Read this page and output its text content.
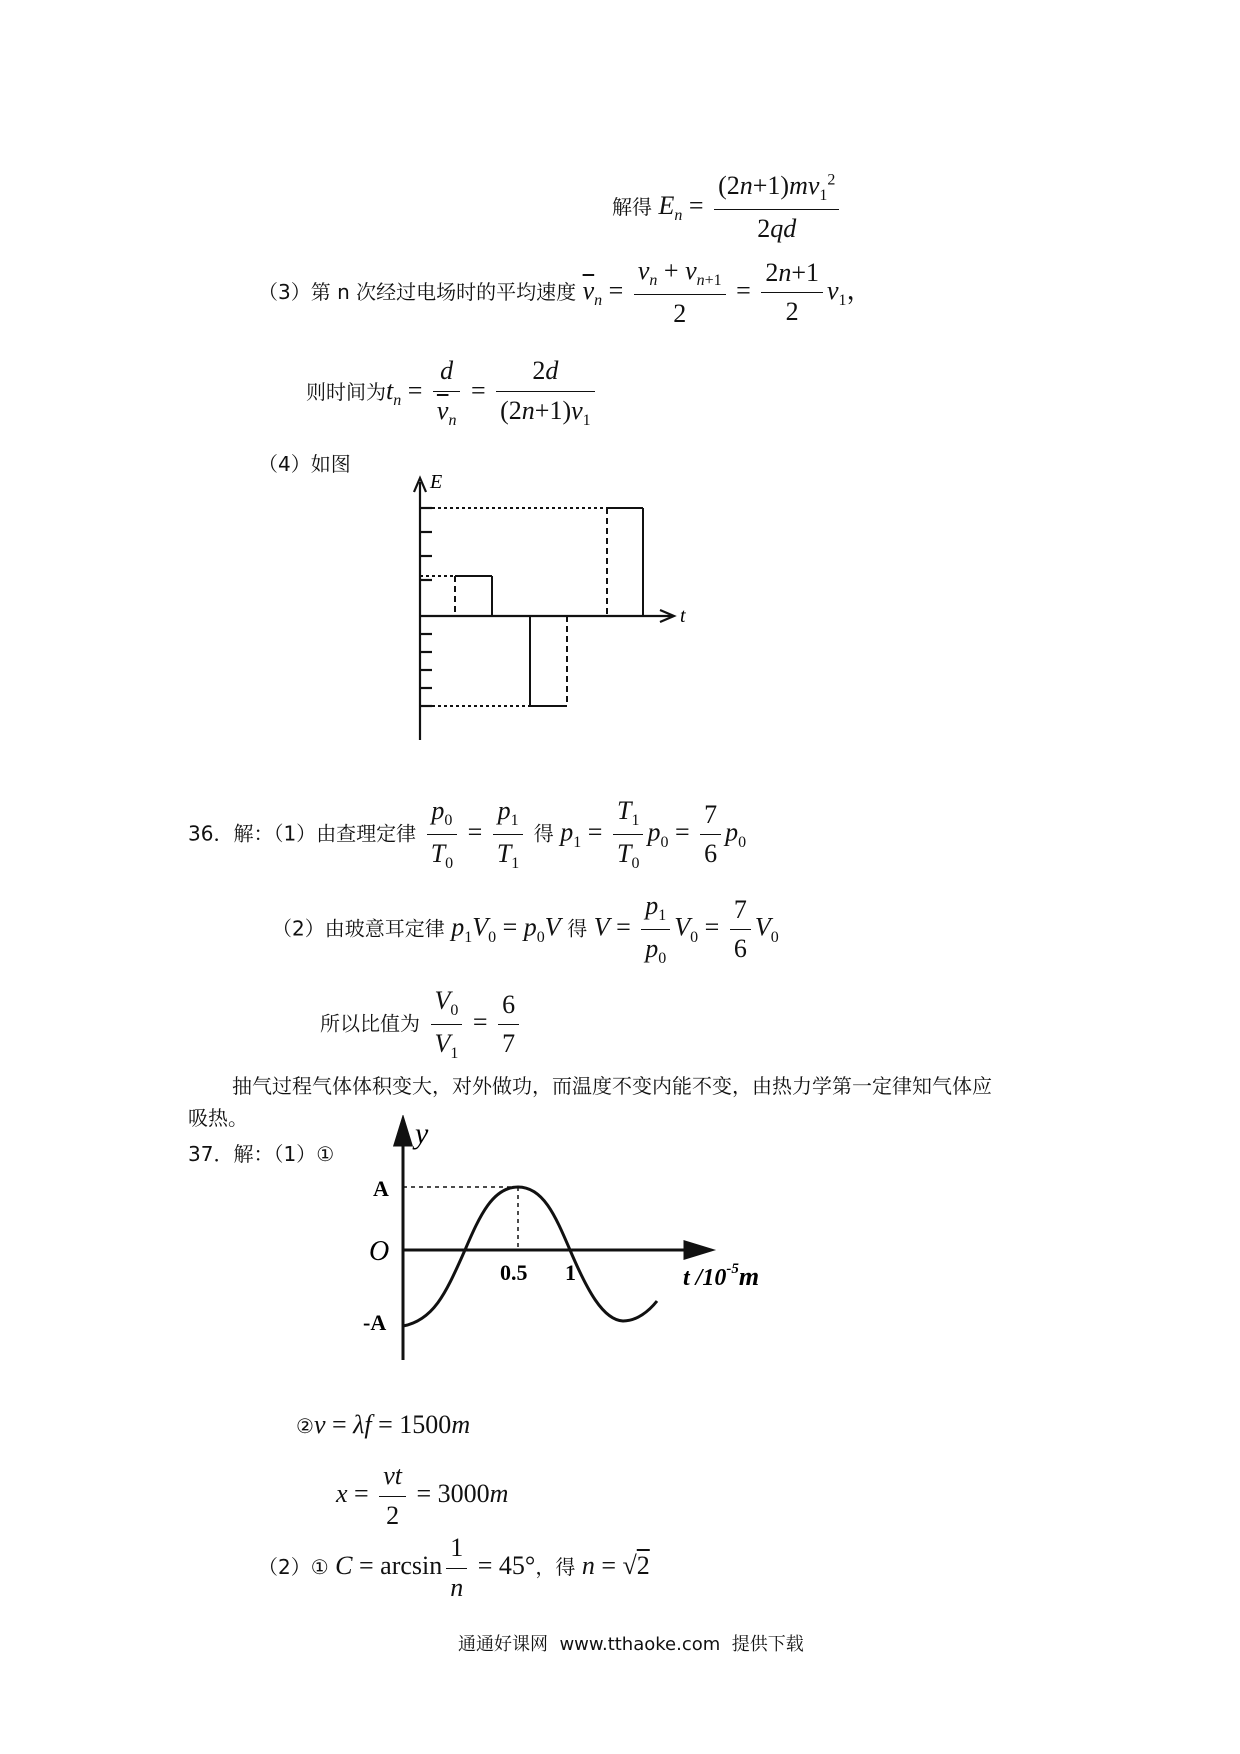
解得 $E_n = \frac{(2n+1)mv_1^2}{2qd}$
（3）第 n 次经过电场时的平均速度 $\overline{v}_n = \frac{v_n + v_{n+1}}{2} = \frac{2n+1}{2} v_1$，
则时间为$t_n = \frac{d}{\overline{v}_n} = \frac{2d}{(2n+1)v_1}$
（4）如图
E
t
36．解：（1）由查理定律 $\frac{p_0}{T_0} = \frac{p_1}{T_1}$ 得 $p_1 = \frac{T_1}{T_0} p_0 = \frac{7}{6} p_0$
（2）由玻意耳定律 $p_1V_0 = p_0V$ 得 $V = \frac{p_1}{p_0} V_0 = \frac{7}{6} V_0$
所以比值为 $\frac{V_0}{V_1} = \frac{6}{7}$
抽气过程气体体积变大，对外做功，而温度不变内能不变，由热力学第一定律知气体应
吸热。
37．解：（1）①
y
A
O
-A
0.5 1	t $/10^{-5}m$
②v = λf = 1500m
$x = \frac{vt}{2} = 3000m$
（2）① $C = \arcsin \frac{1}{n} = 45^\circ$，得 n = √2
通通好课网 www.tthaoke.com 提供下载
